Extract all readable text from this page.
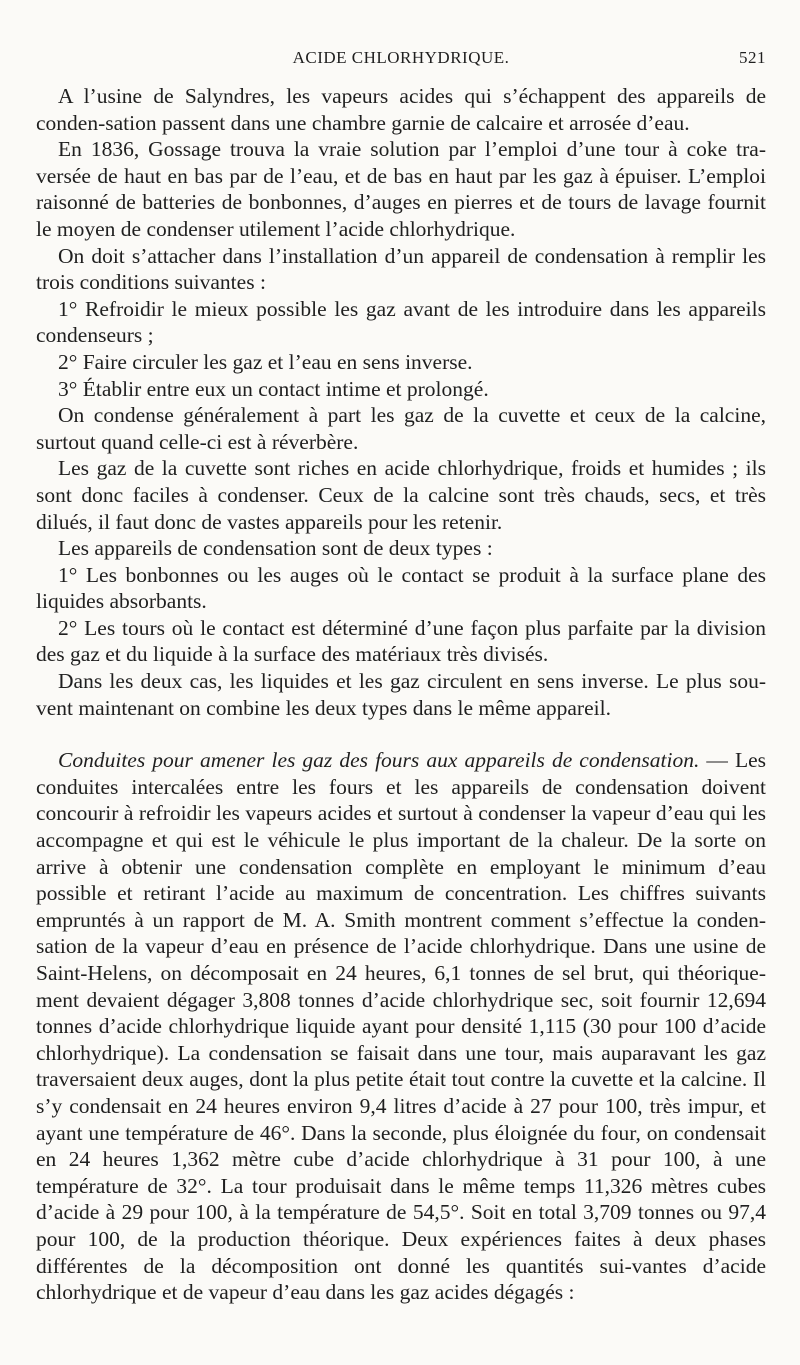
ACIDE CHLORHYDRIQUE.	521

A l’usine de Salyndres, les vapeurs acides qui s’échappent des appareils de conden-sation passent dans une chambre garnie de calcaire et arrosée d’eau.

En 1836, Gossage trouva la vraie solution par l’emploi d’une tour à coke tra-versée de haut en bas par de l’eau, et de bas en haut par les gaz à épuiser. L’emploi raisonné de batteries de bonbonnes, d’auges en pierres et de tours de lavage fournit le moyen de condenser utilement l’acide chlorhydrique.

On doit s’attacher dans l’installation d’un appareil de condensation à remplir les trois conditions suivantes :

1° Refroidir le mieux possible les gaz avant de les introduire dans les appareils condenseurs ;

2° Faire circuler les gaz et l’eau en sens inverse.

3° Établir entre eux un contact intime et prolongé.

On condense généralement à part les gaz de la cuvette et ceux de la calcine, surtout quand celle-ci est à réverbère.

Les gaz de la cuvette sont riches en acide chlorhydrique, froids et humides ; ils sont donc faciles à condenser. Ceux de la calcine sont très chauds, secs, et très dilués, il faut donc de vastes appareils pour les retenir.

Les appareils de condensation sont de deux types :

1° Les bonbonnes ou les auges où le contact se produit à la surface plane des liquides absorbants.

2° Les tours où le contact est déterminé d’une façon plus parfaite par la division des gaz et du liquide à la surface des matériaux très divisés.

Dans les deux cas, les liquides et les gaz circulent en sens inverse. Le plus sou-vent maintenant on combine les deux types dans le même appareil.

Conduites pour amener les gaz des fours aux appareils de condensation. — Les conduites intercalées entre les fours et les appareils de condensation doivent concourir à refroidir les vapeurs acides et surtout à condenser la vapeur d’eau qui les accompagne et qui est le véhicule le plus important de la chaleur. De la sorte on arrive à obtenir une condensation complète en employant le minimum d’eau possible et retirant l’acide au maximum de concentration. Les chiffres suivants empruntés à un rapport de M. A. Smith montrent comment s’effectue la conden-sation de la vapeur d’eau en présence de l’acide chlorhydrique. Dans une usine de Saint-Helens, on décomposait en 24 heures, 6,1 tonnes de sel brut, qui théorique-ment devaient dégager 3,808 tonnes d’acide chlorhydrique sec, soit fournir 12,694 tonnes d’acide chlorhydrique liquide ayant pour densité 1,115 (30 pour 100 d’acide chlorhydrique). La condensation se faisait dans une tour, mais auparavant les gaz traversaient deux auges, dont la plus petite était tout contre la cuvette et la calcine. Il s’y condensait en 24 heures environ 9,4 litres d’acide à 27 pour 100, très impur, et ayant une température de 46°. Dans la seconde, plus éloignée du four, on condensait en 24 heures 1,362 mètre cube d’acide chlorhydrique à 31 pour 100, à une température de 32°. La tour produisait dans le même temps 11,326 mètres cubes d’acide à 29 pour 100, à la température de 54,5°. Soit en total 3,709 tonnes ou 97,4 pour 100, de la production théorique. Deux expériences faites à deux phases différentes de la décomposition ont donné les quantités sui-vantes d’acide chlorhydrique et de vapeur d’eau dans les gaz acides dégagés :
